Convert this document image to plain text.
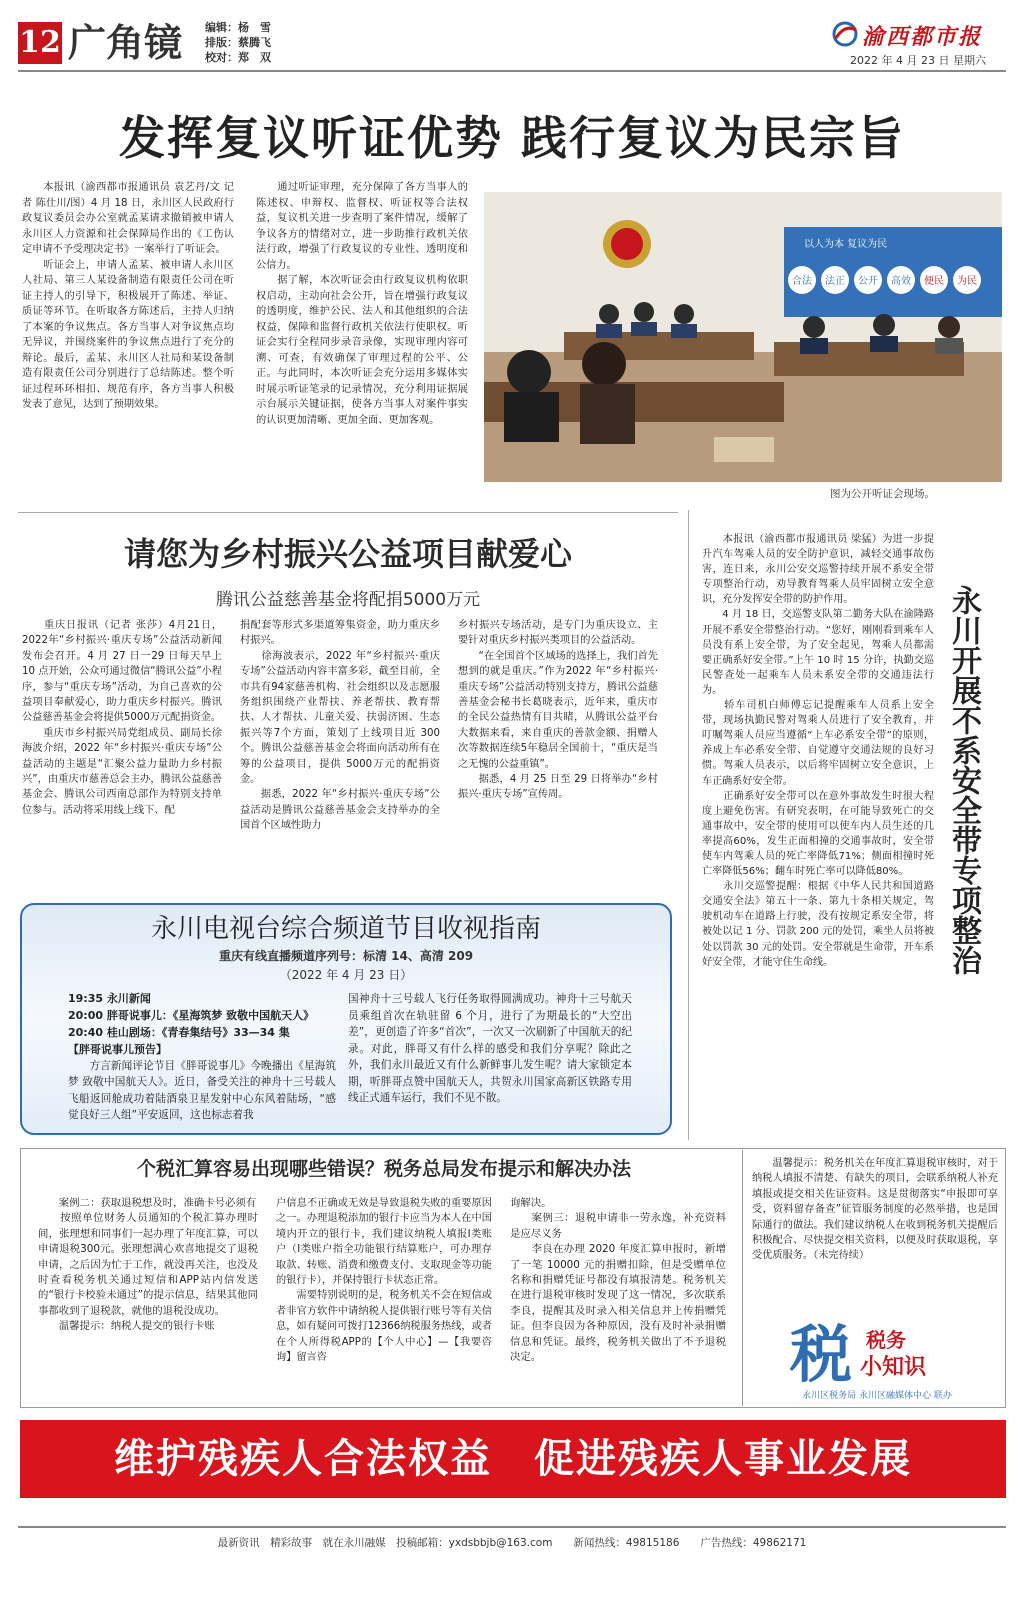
12 广角镜 编辑：杨　雪
排版：蔡腾飞
校对：郑　双
渝西都市报
2022 年 4 月 23 日 星期六
发挥复议听证优势 践行复议为民宗旨
　　本报讯（渝西都市报通讯员 袁艺丹/文 记者 陈仕川/图）4 月 18 日，永川区人民政府行政复议委员会办公室就孟某请求撤销被申请人永川区人力资源和社会保障局作出的《工伤认定申请不予受理决定书》一案举行了听证会。
　　听证会上，申请人孟某、被申请人永川区人社局、第三人某设备制造有限责任公司在听证主持人的引导下，积极展开了陈述、举证、质证等环节。在听取各方陈述后，主持人归纳了本案的争议焦点。各方当事人对争议焦点均无异议，并围绕案件的争议焦点进行了充分的辩论。最后，孟某、永川区人社局和某设备制造有限责任公司分别进行了总结陈述。整个听证过程环环相扣、规范有序，各方当事人积极发表了意见，达到了预期效果。
　　通过听证审理，充分保障了各方当事人的陈述权、申辩权、监督权、听证权等合法权益，复议机关进一步查明了案件情况，缓解了争议各方的情绪对立，进一步助推行政机关依法行政，增强了行政复议的专业性、透明度和公信力。
　　据了解，本次听证会由行政复议机构依职权启动，主动向社会公开，旨在增强行政复议的透明度，维护公民、法人和其他组织的合法权益，保障和监督行政机关依法行使职权。听证会实行全程同步录音录像，实现审理内容可溯、可查，有效确保了审理过程的公平、公正。与此同时，本次听证会充分运用多媒体实时展示听证笔录的记录情况，充分利用证据展示台展示关键证据，使各方当事人对案件事实的认识更加清晰、更加全面、更加客观。
以人为本 复议为民
合法 法正 公开 高效 便民 为民
图为公开听证会现场。
请您为乡村振兴公益项目献爱心
腾讯公益慈善基金将配捐5000万元
　　重庆日报讯（记者 张莎）4月21日，2022年“乡村振兴·重庆专场”公益活动新闻发布会召开。4 月 27 日一29 日每天早上 10 点开始，公众可通过微信“腾讯公益”小程序，参与“重庆专场”活动，为自己喜欢的公益项目奉献爱心，助力重庆乡村振兴。腾讯公益慈善基金会将提供5000万元配捐资金。
　　重庆市乡村振兴局党组成员、副局长徐海波介绍，2022 年“乡村振兴·重庆专场”公益活动的主题是“汇聚公益力量助力乡村振兴”，由重庆市慈善总会主办，腾讯公益慈善基金会、腾讯公司西南总部作为特别支持单位参与。活动将采用线上线下、配
捐配套等形式多渠道筹集资金，助力重庆乡村振兴。
　　徐海波表示，2022 年“乡村振兴·重庆专场”公益活动内容丰富多彩，截至目前，全市共有94家慈善机构、社会组织以及志愿服务组织围绕产业帮扶、养老帮扶、教育帮扶、人才帮扶、儿童关爱、扶弱济困、生态振兴等7个方面，策划了上线项目近 300个。腾讯公益慈善基金会将面向活动所有在筹的公益项目，提供 5000万元的配捐资金。
　　据悉，2022 年“乡村振兴·重庆专场”公益活动是腾讯公益慈善基金会支持举办的全国首个区域性助力
乡村振兴专场活动，是专门为重庆设立、主要针对重庆乡村振兴类项目的公益活动。
　　“在全国首个区域场的选择上，我们首先想到的就是重庆。”作为2022 年“乡村振兴·重庆专场”公益活动特别支持方，腾讯公益慈善基金会秘书长葛晓表示，近年来，重庆市的全民公益热情有目共睹，从腾讯公益平台大数据来看，来自重庆的善款金额、捐赠人次等数据连续5年稳居全国前十，“重庆是当之无愧的公益重镇”。
　　据悉，4 月 25 日至 29 日将举办“乡村振兴·重庆专场”宣传周。
　　本报讯（渝西都市报通讯员 梁猛）为进一步提升汽车驾乘人员的安全防护意识，减轻交通事故伤害，连日来，永川公安交巡警持续开展不系安全带专项整治行动，劝导教育驾乘人员牢固树立安全意识，充分发挥安全带的防护作用。
　　4 月 18 日，交巡警支队第二勤务大队在渝隆路开展不系安全带整治行动。“您好，刚刚看到乘车人员没有系上安全带，为了安全起见，驾乘人员都需要正确系好安全带。”上午 10 时 15 分许，执勤交巡民警查处一起乘车人员未系安全带的交通违法行为。
　　轿车司机白师傅忘记提醒乘车人员系上安全带，现场执勤民警对驾乘人员进行了安全教育，并叮嘱驾乘人员应当遵循“上车必系安全带”的原则，养成上车必系安全带、自觉遵守交通法规的良好习惯。驾乘人员表示，以后将牢固树立安全意识，上车正确系好安全带。
　　正确系好安全带可以在意外事故发生时很大程度上避免伤害。有研究表明，在可能导致死亡的交通事故中，安全带的使用可以使车内人员生还的几率提高60%，发生正面相撞的交通事故时，安全带使车内驾乘人员的死亡率降低71%；侧面相撞时死亡率降低56%；翻车时死亡率可以降低80%。
　　永川交巡警提醒：根据《中华人民共和国道路交通安全法》第五十一条、第九十条相关规定，驾驶机动车在道路上行驶，没有按规定系安全带，将被处以记 1 分、罚款 200 元的处罚，乘坐人员将被处以罚款 30 元的处罚。安全带就是生命带，开车系好安全带，才能守住生命线。	永川开展不系安全带专项整治
永川电视台综合频道节目收视指南
重庆有线直播频道序列号：标清 14、高清 209
（2022 年 4 月 23 日）
19:35 永川新闻
20:00 胖哥说事儿：《星海筑梦 致敬中国航天人》
20:40 桂山剧场：《青春集结号》33—34 集
【胖哥说事儿预告】
　　方言新闻评论节目《胖哥说事儿》今晚播出《星海筑梦 致敬中国航天人》。近日，备受关注的神舟十三号载人飞船返回舱成功着陆酒泉卫星发射中心东风着陆场，“感觉良好三人组”平安返回，这也标志着我
国神舟十三号载人飞行任务取得圆满成功。神舟十三号航天员乘组首次在轨驻留 6 个月，进行了为期最长的“大空出差”，更创造了许多“首次”，一次又一次刷新了中国航天的纪录。对此，胖哥又有什么样的感受和我们分享呢？除此之外，我们永川最近又有什么新鲜事儿发生呢？请大家锁定本期，听胖哥点赞中国航天人，共贺永川国家高新区铁路专用线正式通车运行，我们不见不散。
个税汇算容易出现哪些错误？税务总局发布提示和解决办法
　　案例二：获取退税想及时，准确卡号必须有
　　按照单位财务人员通知的个税汇算办理时间，张理想和同事们一起办理了年度汇算，可以申请退税300元。张理想满心欢喜地提交了退税申请，之后因为忙于工作，就没再关注，也没及时查看税务机关通过短信和APP站内信发送的“银行卡校验未通过”的提示信息，结果其他同事都收到了退税款，就他的退税没成功。
　　温馨提示：纳税人提交的银行卡账
户信息不正确或无效是导致退税失败的重要原因之一。办理退税添加的银行卡应当为本人在中国境内开立的银行卡，我们建议纳税人填报Ⅰ类账户（Ⅰ类账户指全功能银行结算账户，可办理存取款、转账、消费和缴费支付、支取现金等功能的银行卡），并保持银行卡状态正常。
　　需要特别说明的是，税务机关不会在短信或者非官方软件中请纳税人提供银行账号等有关信息，如有疑问可拨打12366纳税服务热线，或者在个人所得税APP的【个人中心】—【我要咨询】留言咨
询解决。
　　案例三：退税申请非一劳永逸，补充资料是应尽义务
　　李良在办理 2020 年度汇算申报时，新增了一笔 10000 元的捐赠扣除，但是受赠单位名称和捐赠凭证号都没有填报清楚。税务机关在进行退税审核时发现了这一情况，多次联系李良，提醒其及时录入相关信息并上传捐赠凭证。但李良因为各种原因，没有及时补录捐赠信息和凭证。最终，税务机关做出了不予退税决定。
　　温馨提示：税务机关在年度汇算退税审核时，对于纳税人填报不清楚、有缺失的项目，会联系纳税人补充填报或提交相关佐证资料。这是贯彻落实“申报即可享受，资料留存备查”征管服务制度的必然举措，也是国际通行的做法。我们建议纳税人在收到税务机关提醒后积极配合、尽快提交相关资料，以便及时获取退税，享受优质服务。（未完待续）
税 税务
小知识
永川区税务局 永川区融媒体中心 联办
维护残疾人合法权益　促进残疾人事业发展
最新资讯　精彩故事　就在永川融媒　投稿邮箱：yxdsbbjb@163.com　　新闻热线：49815186　　广告热线：49862171
